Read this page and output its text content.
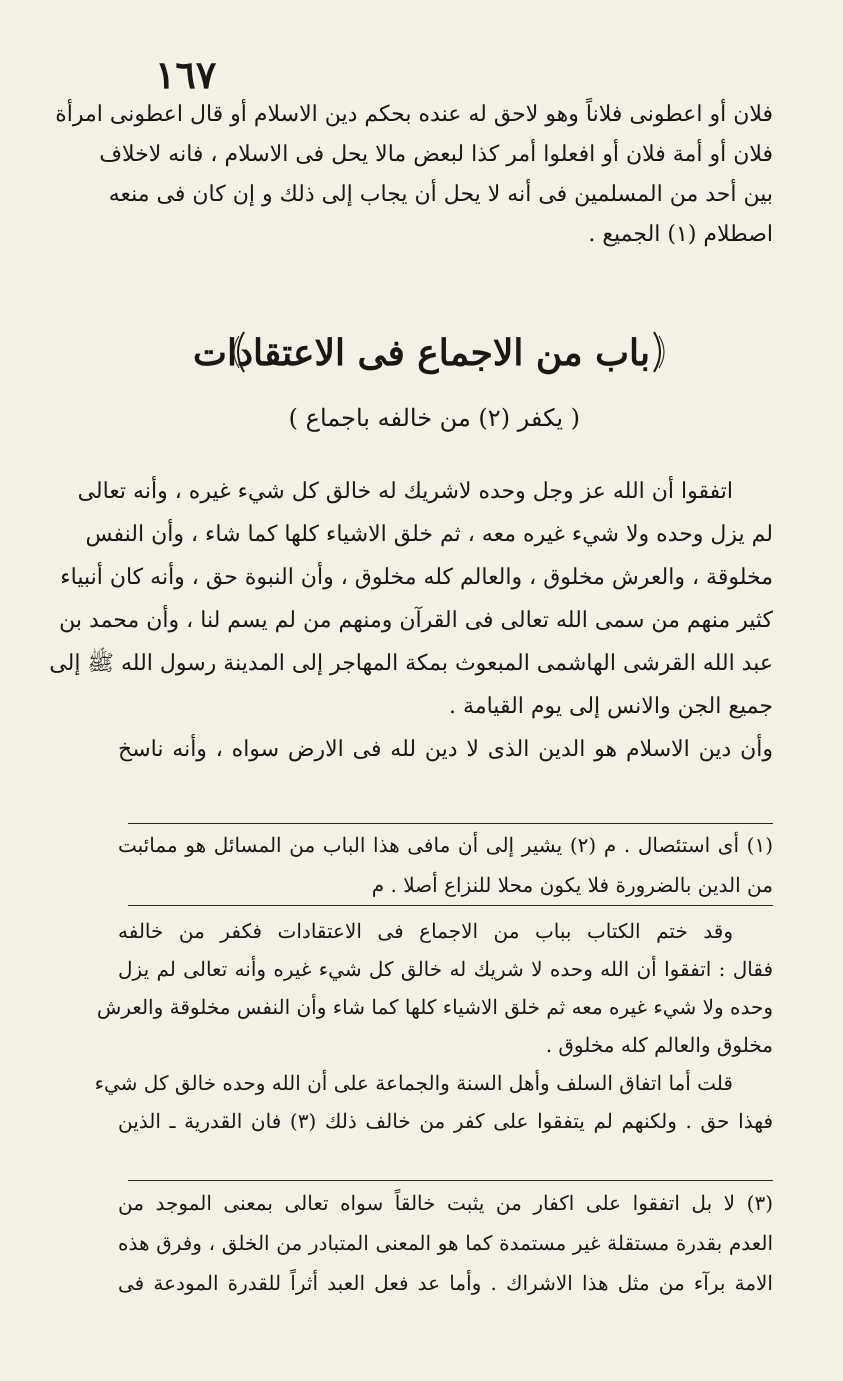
١٦٧
فلان أو اعطونى فلاناً وهو لاحق له عنده بحكم دين الاسلام أو قال اعطونى امرأة
فلان أو أمة فلان أو افعلوا أمر كذا لبعض مالا يحل فى الاسلام ، فانه لاخلاف
بين أحد من المسلمين فى أنه لا يحل أن يجاب إلى ذلك و إن كان فى منعه
اصطلام (١) الجميع .
باب من الاجماع فى الاعتقادات
( يكفر (٢) من خالفه باجماع )
اتفقوا أن الله عز وجل وحده لاشريك له خالق كل شيء غيره ، وأنه تعالى
لم يزل وحده ولا شيء غيره معه ، ثم خلق الاشياء كلها كما شاء ، وأن النفس
مخلوقة ، والعرش مخلوق ، والعالم كله مخلوق ، وأن النبوة حق ، وأنه كان أنبياء
كثير منهم من سمى الله تعالى فى القرآن ومنهم من لم يسم لنا ، وأن محمد بن
عبد الله القرشى الهاشمى المبعوث بمكة المهاجر إلى المدينة رسول الله ﷺ إلى
جميع الجن والانس إلى يوم القيامة .
وأن دين الاسلام هو الدين الذى لا دين لله فى الارض سواه ، وأنه ناسخ
(١) أى استئصال . م (٢) يشير إلى أن مافى هذا الباب من المسائل هو ممائبت
من الدين بالضرورة فلا يكون محلا للنزاع أصلا . م
وقد ختم الكتاب بباب من الاجماع فى الاعتقادات فكفر من خالفه
فقال : اتفقوا أن الله وحده لا شريك له خالق كل شيء غيره وأنه تعالى لم يزل
وحده ولا شيء غيره معه ثم خلق الاشياء كلها كما شاء وأن النفس مخلوقة والعرش
مخلوق والعالم كله مخلوق .
قلت أما اتفاق السلف وأهل السنة والجماعة على أن الله وحده خالق كل شيء
فهذا حق . ولكنهم لم يتفقوا على كفر من خالف ذلك (٣) فان القدرية ـ الذين
(٣) لا بل اتفقوا على اكفار من يثبت خالقاً سواه تعالى بمعنى الموجد من
العدم بقدرة مستقلة غير مستمدة كما هو المعنى المتبادر من الخلق ، وفرق هذه
الامة برآء من مثل هذا الاشراك . وأما عد فعل العبد أثراً للقدرة المودعة فى
